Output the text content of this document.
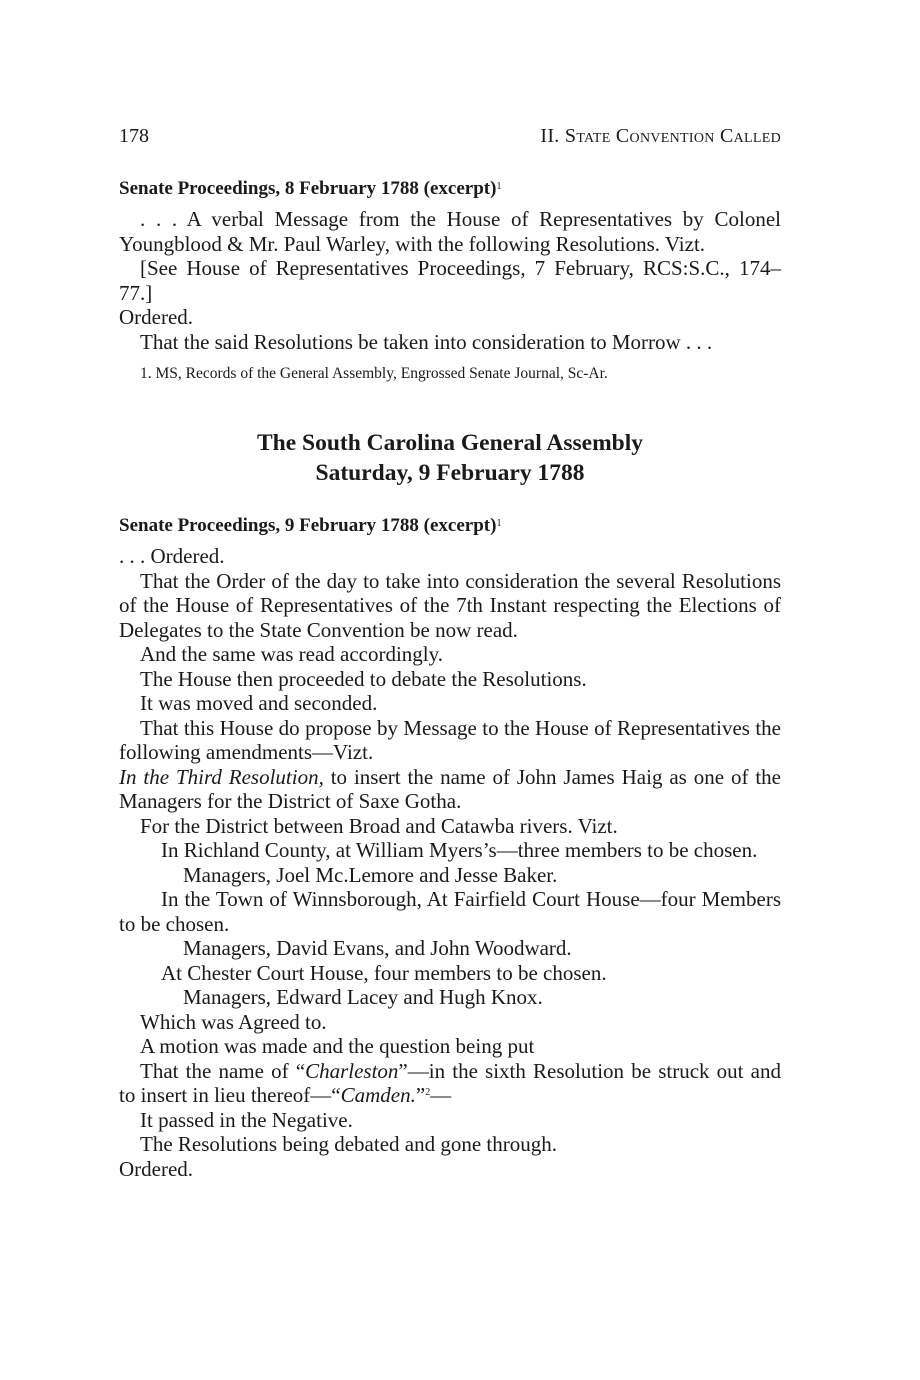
178	II. State Convention Called
Senate Proceedings, 8 February 1788 (excerpt)$^1$

. . . A verbal Message from the House of Representatives by Colonel Youngblood & Mr. Paul Warley, with the following Resolutions. Vizt.

[See House of Representatives Proceedings, 7 February, RCS:S.C., 174–77.]

Ordered.

That the said Resolutions be taken into consideration to Morrow . . .

1. MS, Records of the General Assembly, Engrossed Senate Journal, Sc-Ar.

The South Carolina General Assembly
Saturday, 9 February 1788
Senate Proceedings, 9 February 1788 (excerpt)$^1$

. . . Ordered.

That the Order of the day to take into consideration the several Resolutions of the House of Representatives of the 7th Instant respecting the Elections of Delegates to the State Convention be now read.

And the same was read accordingly.

The House then proceeded to debate the Resolutions.

It was moved and seconded.

That this House do propose by Message to the House of Representatives the following amendments—Vizt.

In the Third Resolution, to insert the name of John James Haig as one of the Managers for the District of Saxe Gotha.

For the District between Broad and Catawba rivers. Vizt.

In Richland County, at William Myers’s—three members to be chosen.

Managers, Joel Mc.Lemore and Jesse Baker.

In the Town of Winnsborough, At Fairfield Court House—four Members to be chosen.

Managers, David Evans, and John Woodward.

At Chester Court House, four members to be chosen.

Managers, Edward Lacey and Hugh Knox.

Which was Agreed to.

A motion was made and the question being put

That the name of “Charleston”—in the sixth Resolution be struck out and to insert in lieu thereof—“Camden.”$^2$—

It passed in the Negative.

The Resolutions being debated and gone through.

Ordered.
